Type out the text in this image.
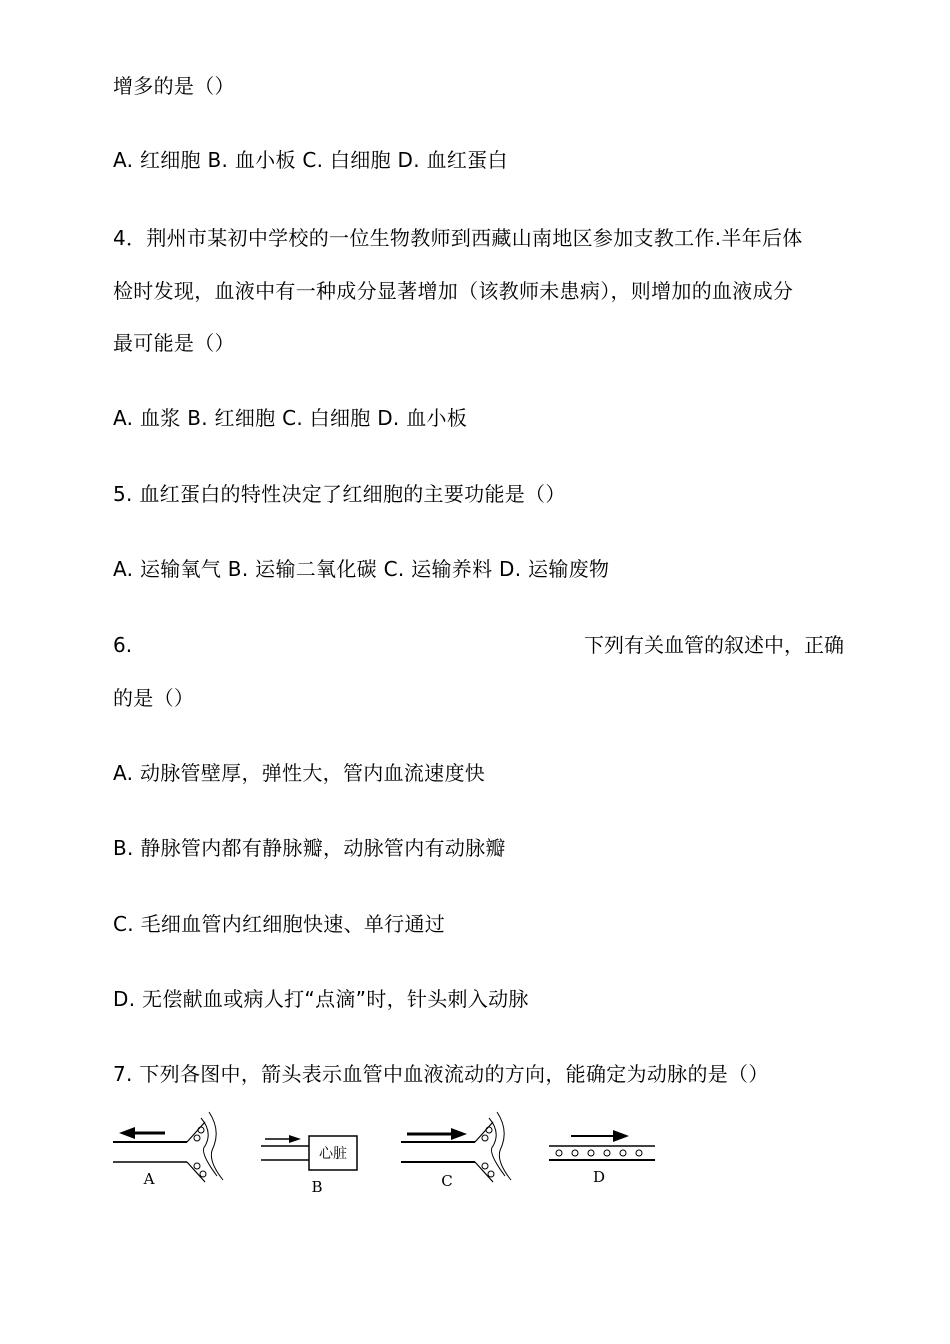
增多的是（）
A. 红细胞 B. 血小板 C. 白细胞 D. 血红蛋白
4．荆州市某初中学校的一位生物教师到西藏山南地区参加支教工作.半年后体
检时发现，血液中有一种成分显著增加（该教师未患病），则增加的血液成分
最可能是（）
A. 血浆 B. 红细胞 C. 白细胞 D. 血小板
5. 血红蛋白的特性决定了红细胞的主要功能是（）
A. 运输氧气 B. 运输二氧化碳 C. 运输养料 D. 运输废物
6.	下列有关血管的叙述中，正确
的是（）
A. 动脉管壁厚，弹性大，管内血流速度快
B. 静脉管内都有静脉瓣，动脉管内有动脉瓣
C. 毛细血管内红细胞快速、单行通过
D. 无偿献血或病人打“点滴”时，针头刺入动脉
7. 下列各图中，箭头表示血管中血液流动的方向，能确定为动脉的是（）
A
心脏
B	C	D
